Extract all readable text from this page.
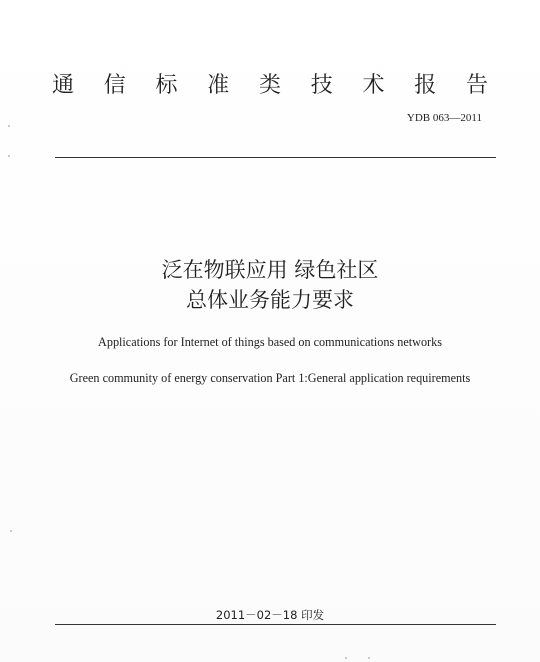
通 信 标 准 类 技 术 报 告
YDB 063—2011
泛在物联应用 绿色社区
总体业务能力要求
Applications for Internet of things based on communications networks
Green community of energy conservation Part 1:General application requirements
2011－02－18 印发
